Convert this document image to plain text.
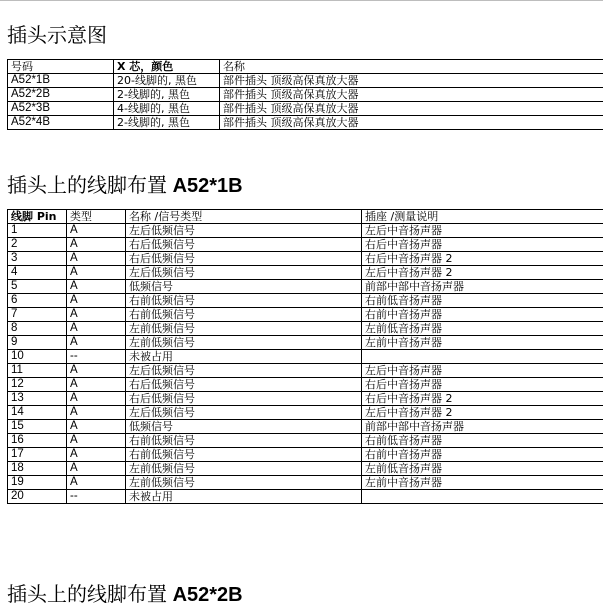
插头示意图
号码	X 芯，颜色	名称
A52*1B	20-线脚的, 黑色	部件插头 顶级高保真放大器
A52*2B	2-线脚的, 黑色	部件插头 顶级高保真放大器
A52*3B	4-线脚的, 黑色	部件插头 顶级高保真放大器
A52*4B	2-线脚的, 黑色	部件插头 顶级高保真放大器
插头上的线脚布置 A52*1B
线脚 Pin	类型	名称 /信号类型	插座 /测量说明
1	A	左后低频信号	左后中音扬声器
2	A	右后低频信号	右后中音扬声器
3	A	右后低频信号	右后中音扬声器 2
4	A	左后低频信号	左后中音扬声器 2
5	A	低频信号	前部中部中音扬声器
6	A	右前低频信号	右前低音扬声器
7	A	右前低频信号	右前中音扬声器
8	A	左前低频信号	左前低音扬声器
9	A	左前低频信号	左前中音扬声器
10	--	未被占用	
11	A	左后低频信号	左后中音扬声器
12	A	右后低频信号	右后中音扬声器
13	A	右后低频信号	右后中音扬声器 2
14	A	左后低频信号	左后中音扬声器 2
15	A	低频信号	前部中部中音扬声器
16	A	右前低频信号	右前低音扬声器
17	A	右前低频信号	右前中音扬声器
18	A	左前低频信号	左前低音扬声器
19	A	左前低频信号	左前中音扬声器
20	--	未被占用	
插头上的线脚布置 A52*2B
